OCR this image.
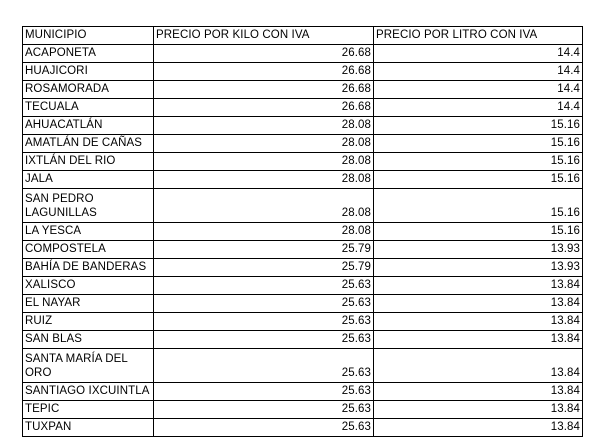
MUNICIPIO	PRECIO POR KILO CON IVA	PRECIO POR LITRO CON IVA
ACAPONETA	26.68	14.4
HUAJICORI	26.68	14.4
ROSAMORADA	26.68	14.4
TECUALA	26.68	14.4
AHUACATLÁN	28.08	15.16
AMATLÁN DE CAÑAS	28.08	15.16
IXTLÁN DEL RIO	28.08	15.16
JALA	28.08	15.16
SAN PEDRO LAGUNILLAS	28.08	15.16
LA YESCA	28.08	15.16
COMPOSTELA	25.79	13.93
BAHÍA DE BANDERAS	25.79	13.93
XALISCO	25.63	13.84
EL NAYAR	25.63	13.84
RUIZ	25.63	13.84
SAN BLAS	25.63	13.84
SANTA MARÍA DEL ORO	25.63	13.84
SANTIAGO IXCUINTLA	25.63	13.84
TEPIC	25.63	13.84
TUXPAN	25.63	13.84
